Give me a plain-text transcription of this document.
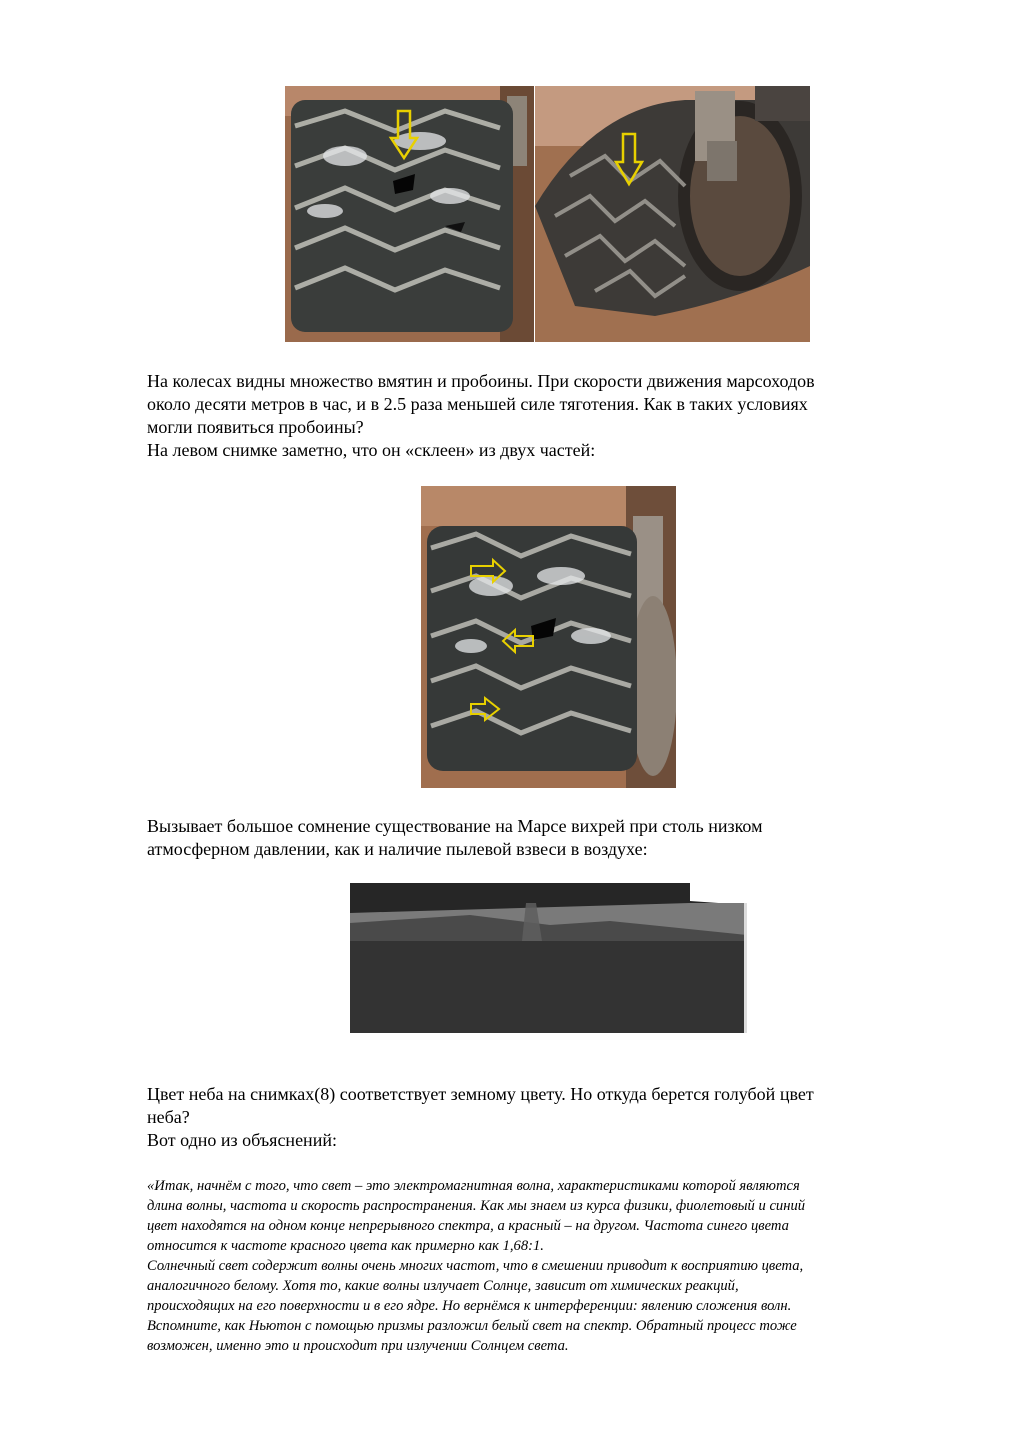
На колесах видны множество вмятин и пробоины. При скорости движения марсоходов
около десяти метров в час, и в 2.5 раза меньшей силе тяготения. Как в таких условиях
могли появиться пробоины?
На левом снимке заметно, что он «склеен» из двух частей:
Вызывает большое сомнение существование на Марсе вихрей при столь низком
атмосферном давлении, как и наличие пылевой взвеси в воздухе:
Цвет неба на снимках(8) соответствует земному цвету. Но откуда берется голубой цвет
неба?
Вот одно из объяснений:
«Итак, начнём с того, что свет – это электромагнитная волна, характеристиками которой являются
длина волны, частота и скорость распространения. Как мы знаем из курса физики, фиолетовый и синий
цвет находятся на одном конце непрерывного спектра, а красный – на другом. Частота синего цвета
относится к частоте красного цвета как примерно как 1,68:1.
Солнечный свет содержит волны очень многих частот, что в смешении приводит к восприятию цвета,
аналогичного белому. Хотя то, какие волны излучает Солнце, зависит от химических реакций,
происходящих на его поверхности и в его ядре. Но вернёмся к интерференции: явлению сложения волн.
Вспомните, как Ньютон с помощью призмы разложил белый свет на спектр. Обратный процесс тоже
возможен, именно это и происходит при излучении Солнцем света.
